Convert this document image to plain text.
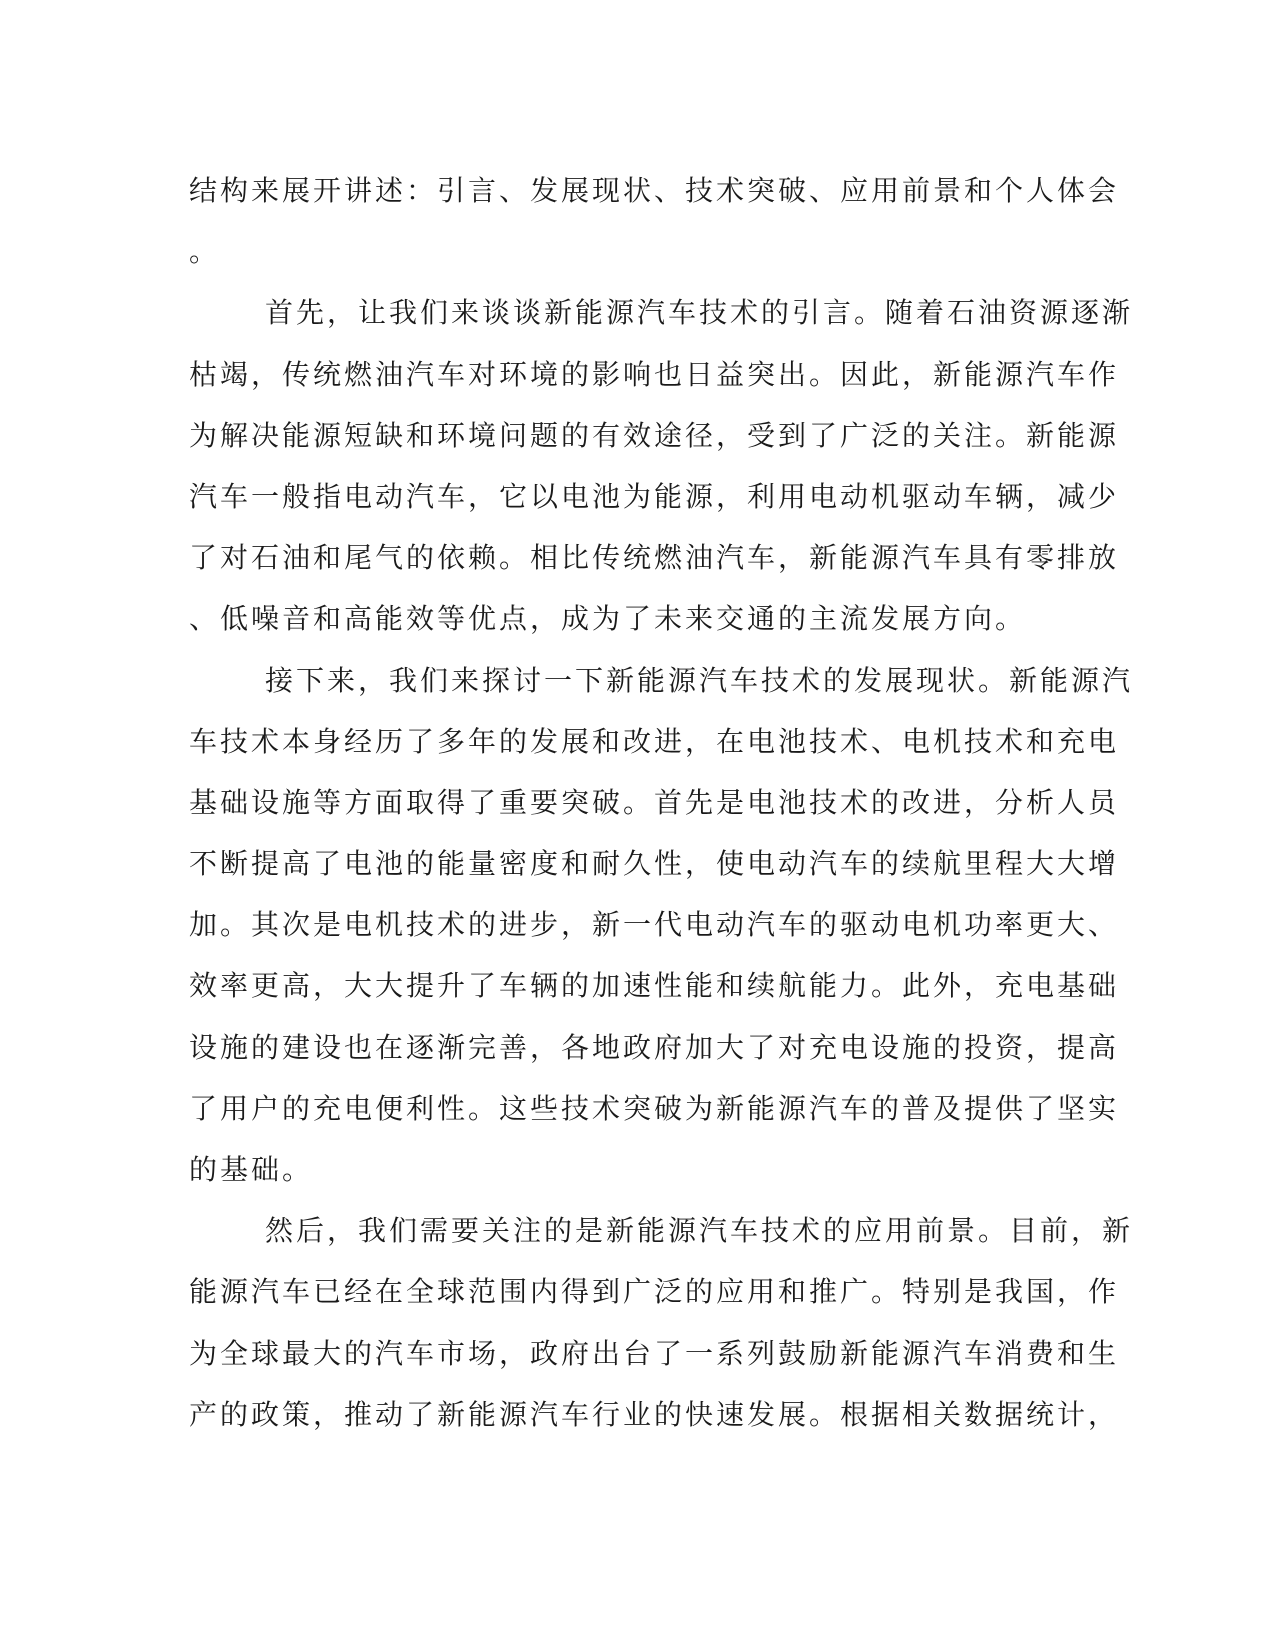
结构来展开讲述：引言、发展现状、技术突破、应用前景和个人体会
。
首先，让我们来谈谈新能源汽车技术的引言。随着石油资源逐渐
枯竭，传统燃油汽车对环境的影响也日益突出。因此，新能源汽车作
为解决能源短缺和环境问题的有效途径，受到了广泛的关注。新能源
汽车一般指电动汽车，它以电池为能源，利用电动机驱动车辆，减少
了对石油和尾气的依赖。相比传统燃油汽车，新能源汽车具有零排放
、低噪音和高能效等优点，成为了未来交通的主流发展方向。
接下来，我们来探讨一下新能源汽车技术的发展现状。新能源汽
车技术本身经历了多年的发展和改进，在电池技术、电机技术和充电
基础设施等方面取得了重要突破。首先是电池技术的改进，分析人员
不断提高了电池的能量密度和耐久性，使电动汽车的续航里程大大增
加。其次是电机技术的进步，新一代电动汽车的驱动电机功率更大、
效率更高，大大提升了车辆的加速性能和续航能力。此外，充电基础
设施的建设也在逐渐完善，各地政府加大了对充电设施的投资，提高
了用户的充电便利性。这些技术突破为新能源汽车的普及提供了坚实
的基础。
然后，我们需要关注的是新能源汽车技术的应用前景。目前，新
能源汽车已经在全球范围内得到广泛的应用和推广。特别是我国，作
为全球最大的汽车市场，政府出台了一系列鼓励新能源汽车消费和生
产的政策，推动了新能源汽车行业的快速发展。根据相关数据统计，
